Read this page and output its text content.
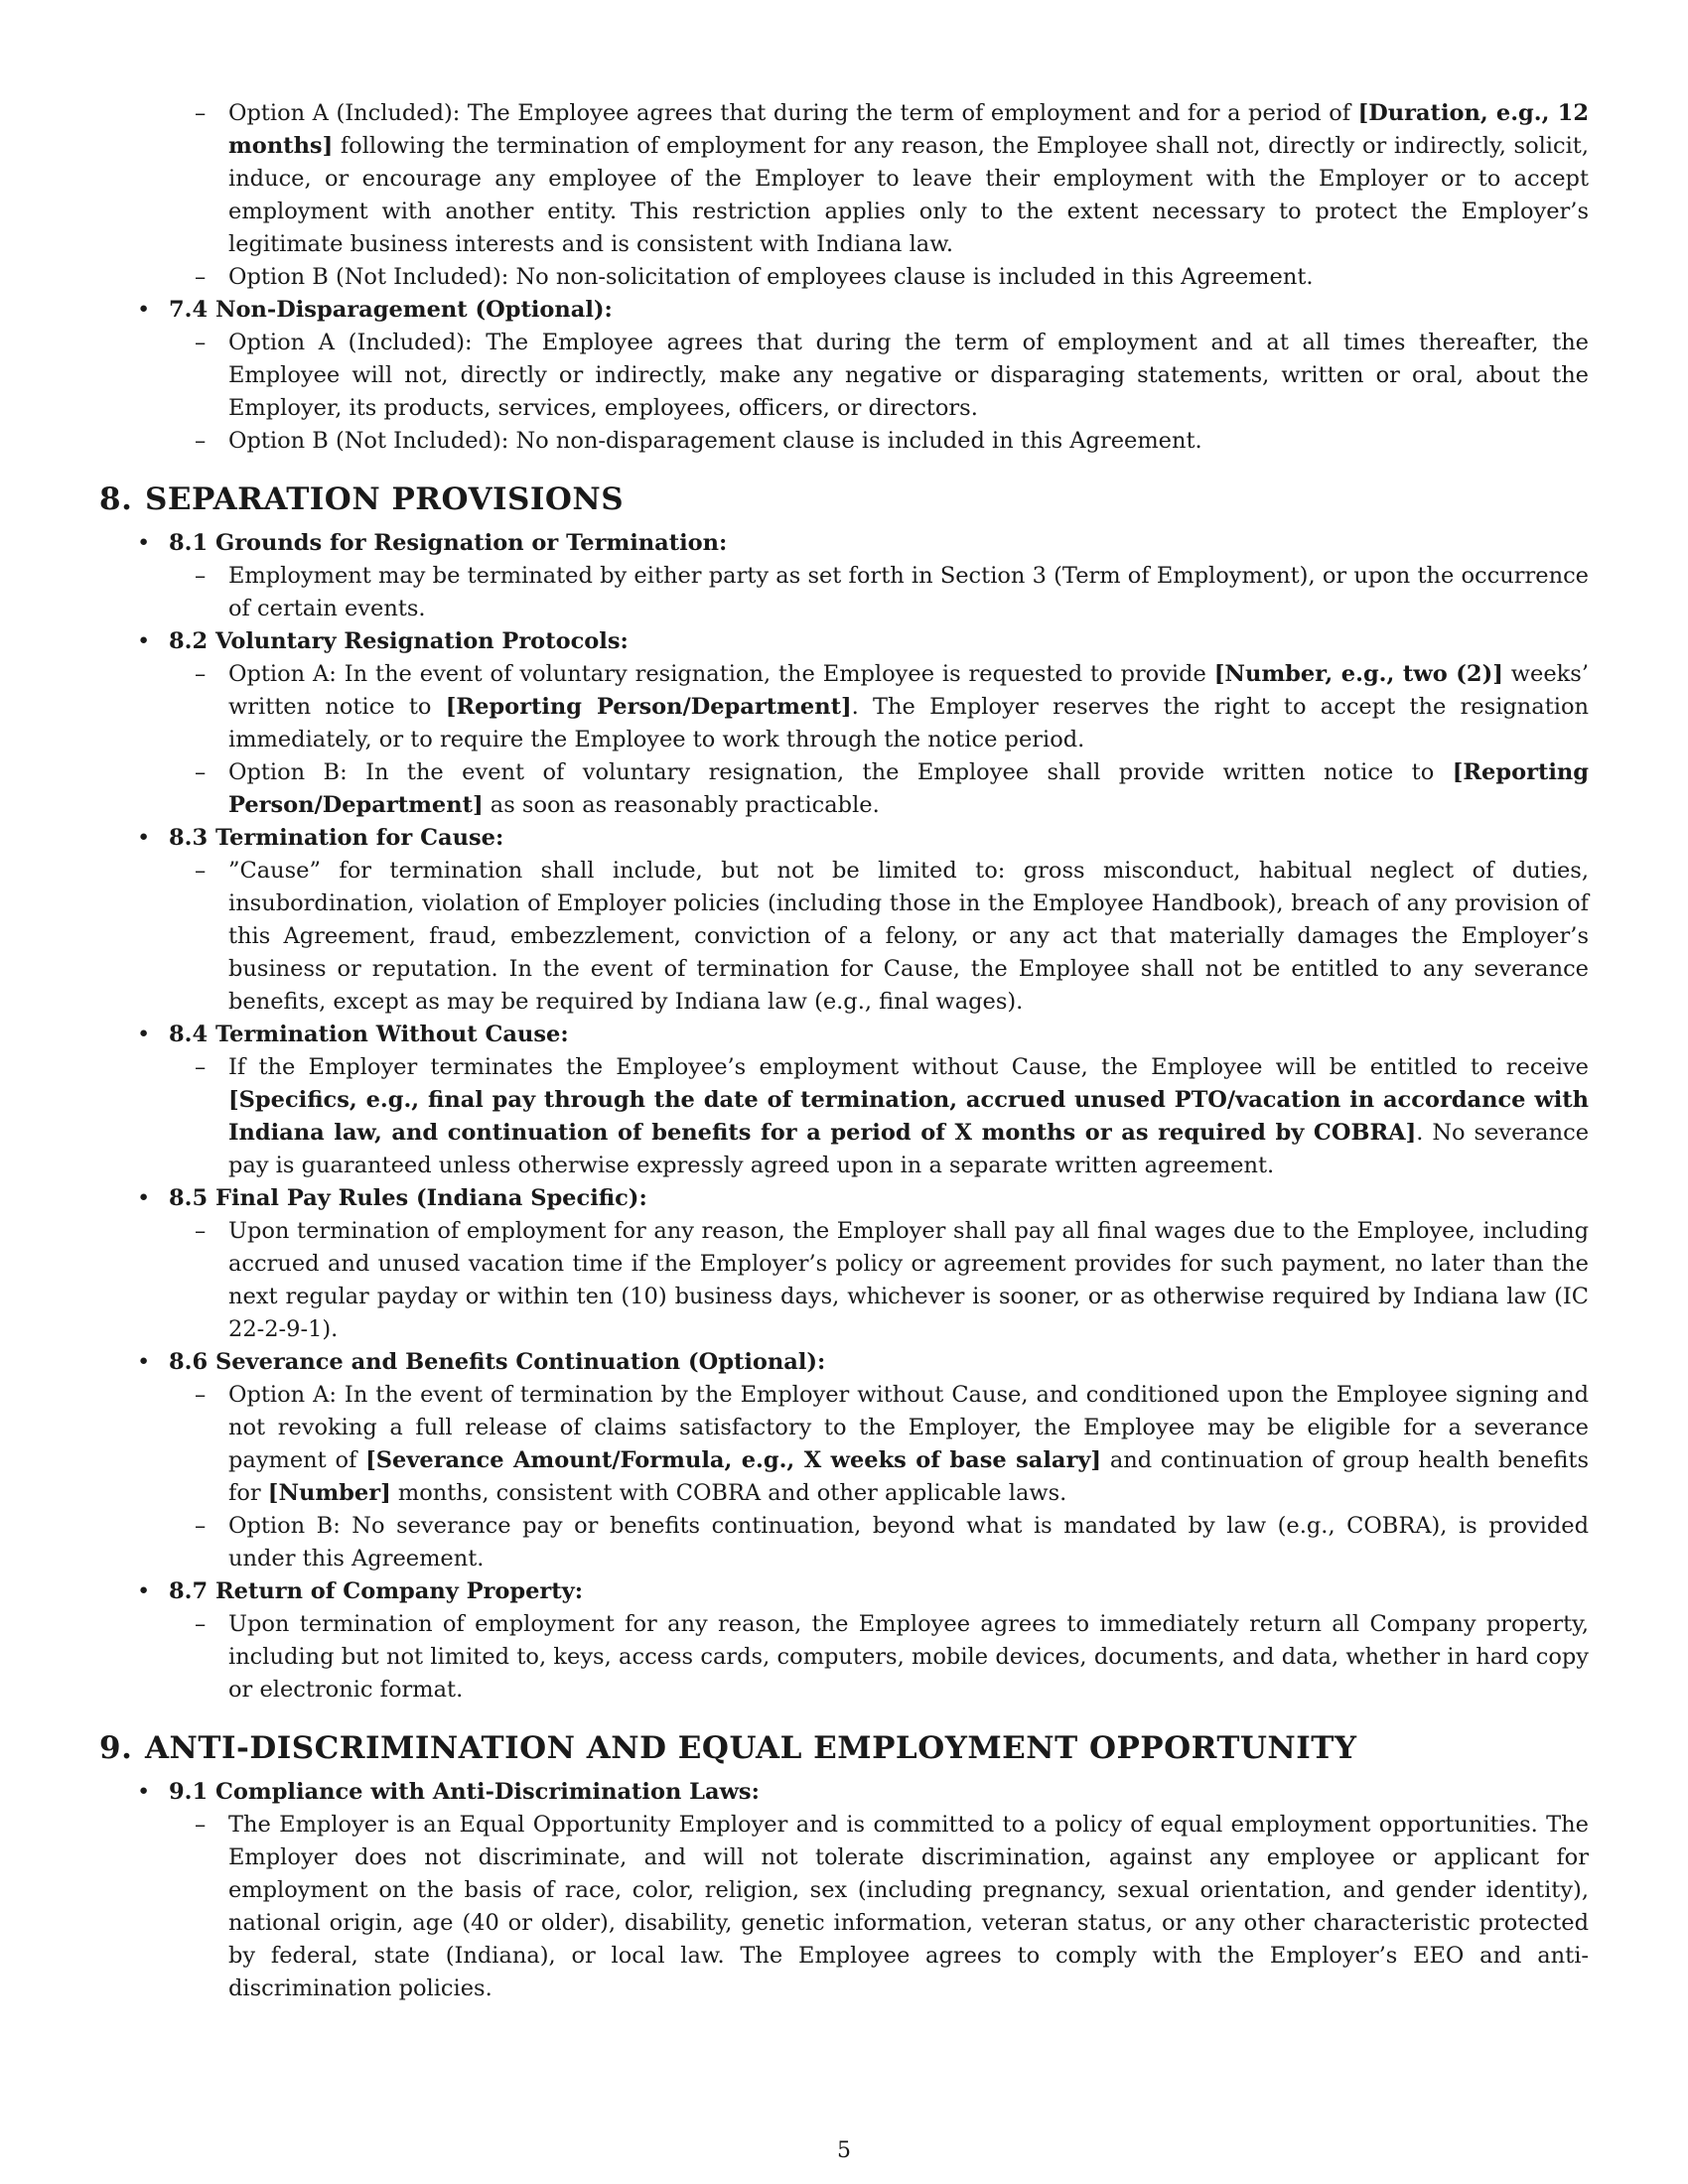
– Option A (Included): The Employee agrees that during the term of employment and for a period of [Duration, e.g., 12 months] following the termination of employment for any reason, the Employee shall not, directly or indirectly, solicit, induce, or encourage any employee of the Employer to leave their employment with the Employer or to accept employment with another entity. This restriction applies only to the extent necessary to protect the Employer’s legitimate business interests and is consistent with Indiana law.
– Option B (Not Included): No non-solicitation of employees clause is included in this Agreement.
• 7.4 Non-Disparagement (Optional):
– Option A (Included): The Employee agrees that during the term of employment and at all times thereafter, the Employee will not, directly or indirectly, make any negative or disparaging statements, written or oral, about the Employer, its products, services, employees, officers, or directors.
– Option B (Not Included): No non-disparagement clause is included in this Agreement.
8. SEPARATION PROVISIONS
• 8.1 Grounds for Resignation or Termination:
– Employment may be terminated by either party as set forth in Section 3 (Term of Employment), or upon the occurrence of certain events.
• 8.2 Voluntary Resignation Protocols:
– Option A: In the event of voluntary resignation, the Employee is requested to provide [Number, e.g., two (2)] weeks’ written notice to [Reporting Person/Department]. The Employer reserves the right to accept the resignation immediately, or to require the Employee to work through the notice period.
– Option B: In the event of voluntary resignation, the Employee shall provide written notice to [Reporting Person/Department] as soon as reasonably practicable.
• 8.3 Termination for Cause:
– ”Cause” for termination shall include, but not be limited to: gross misconduct, habitual neglect of duties, insubordination, violation of Employer policies (including those in the Employee Handbook), breach of any provision of this Agreement, fraud, embezzlement, conviction of a felony, or any act that materially damages the Employer’s business or reputation. In the event of termination for Cause, the Employee shall not be entitled to any severance benefits, except as may be required by Indiana law (e.g., final wages).
• 8.4 Termination Without Cause:
– If the Employer terminates the Employee’s employment without Cause, the Employee will be entitled to receive [Specifics, e.g., final pay through the date of termination, accrued unused PTO/vacation in accordance with Indiana law, and continuation of benefits for a period of X months or as required by COBRA]. No severance pay is guaranteed unless otherwise expressly agreed upon in a separate written agreement.
• 8.5 Final Pay Rules (Indiana Specific):
– Upon termination of employment for any reason, the Employer shall pay all final wages due to the Employee, including accrued and unused vacation time if the Employer’s policy or agreement provides for such payment, no later than the next regular payday or within ten (10) business days, whichever is sooner, or as otherwise required by Indiana law (IC 22-2-9-1).
• 8.6 Severance and Benefits Continuation (Optional):
– Option A: In the event of termination by the Employer without Cause, and conditioned upon the Employee signing and not revoking a full release of claims satisfactory to the Employer, the Employee may be eligible for a severance payment of [Severance Amount/Formula, e.g., X weeks of base salary] and continuation of group health benefits for [Number] months, consistent with COBRA and other applicable laws.
– Option B: No severance pay or benefits continuation, beyond what is mandated by law (e.g., COBRA), is provided under this Agreement.
• 8.7 Return of Company Property:
– Upon termination of employment for any reason, the Employee agrees to immediately return all Company property, including but not limited to, keys, access cards, computers, mobile devices, documents, and data, whether in hard copy or electronic format.
9. ANTI-DISCRIMINATION AND EQUAL EMPLOYMENT OPPORTUNITY
• 9.1 Compliance with Anti-Discrimination Laws:
– The Employer is an Equal Opportunity Employer and is committed to a policy of equal employment opportunities. The Employer does not discriminate, and will not tolerate discrimination, against any employee or applicant for employment on the basis of race, color, religion, sex (including pregnancy, sexual orientation, and gender identity), national origin, age (40 or older), disability, genetic information, veteran status, or any other characteristic protected by federal, state (Indiana), or local law. The Employee agrees to comply with the Employer’s EEO and anti-discrimination policies.
5
